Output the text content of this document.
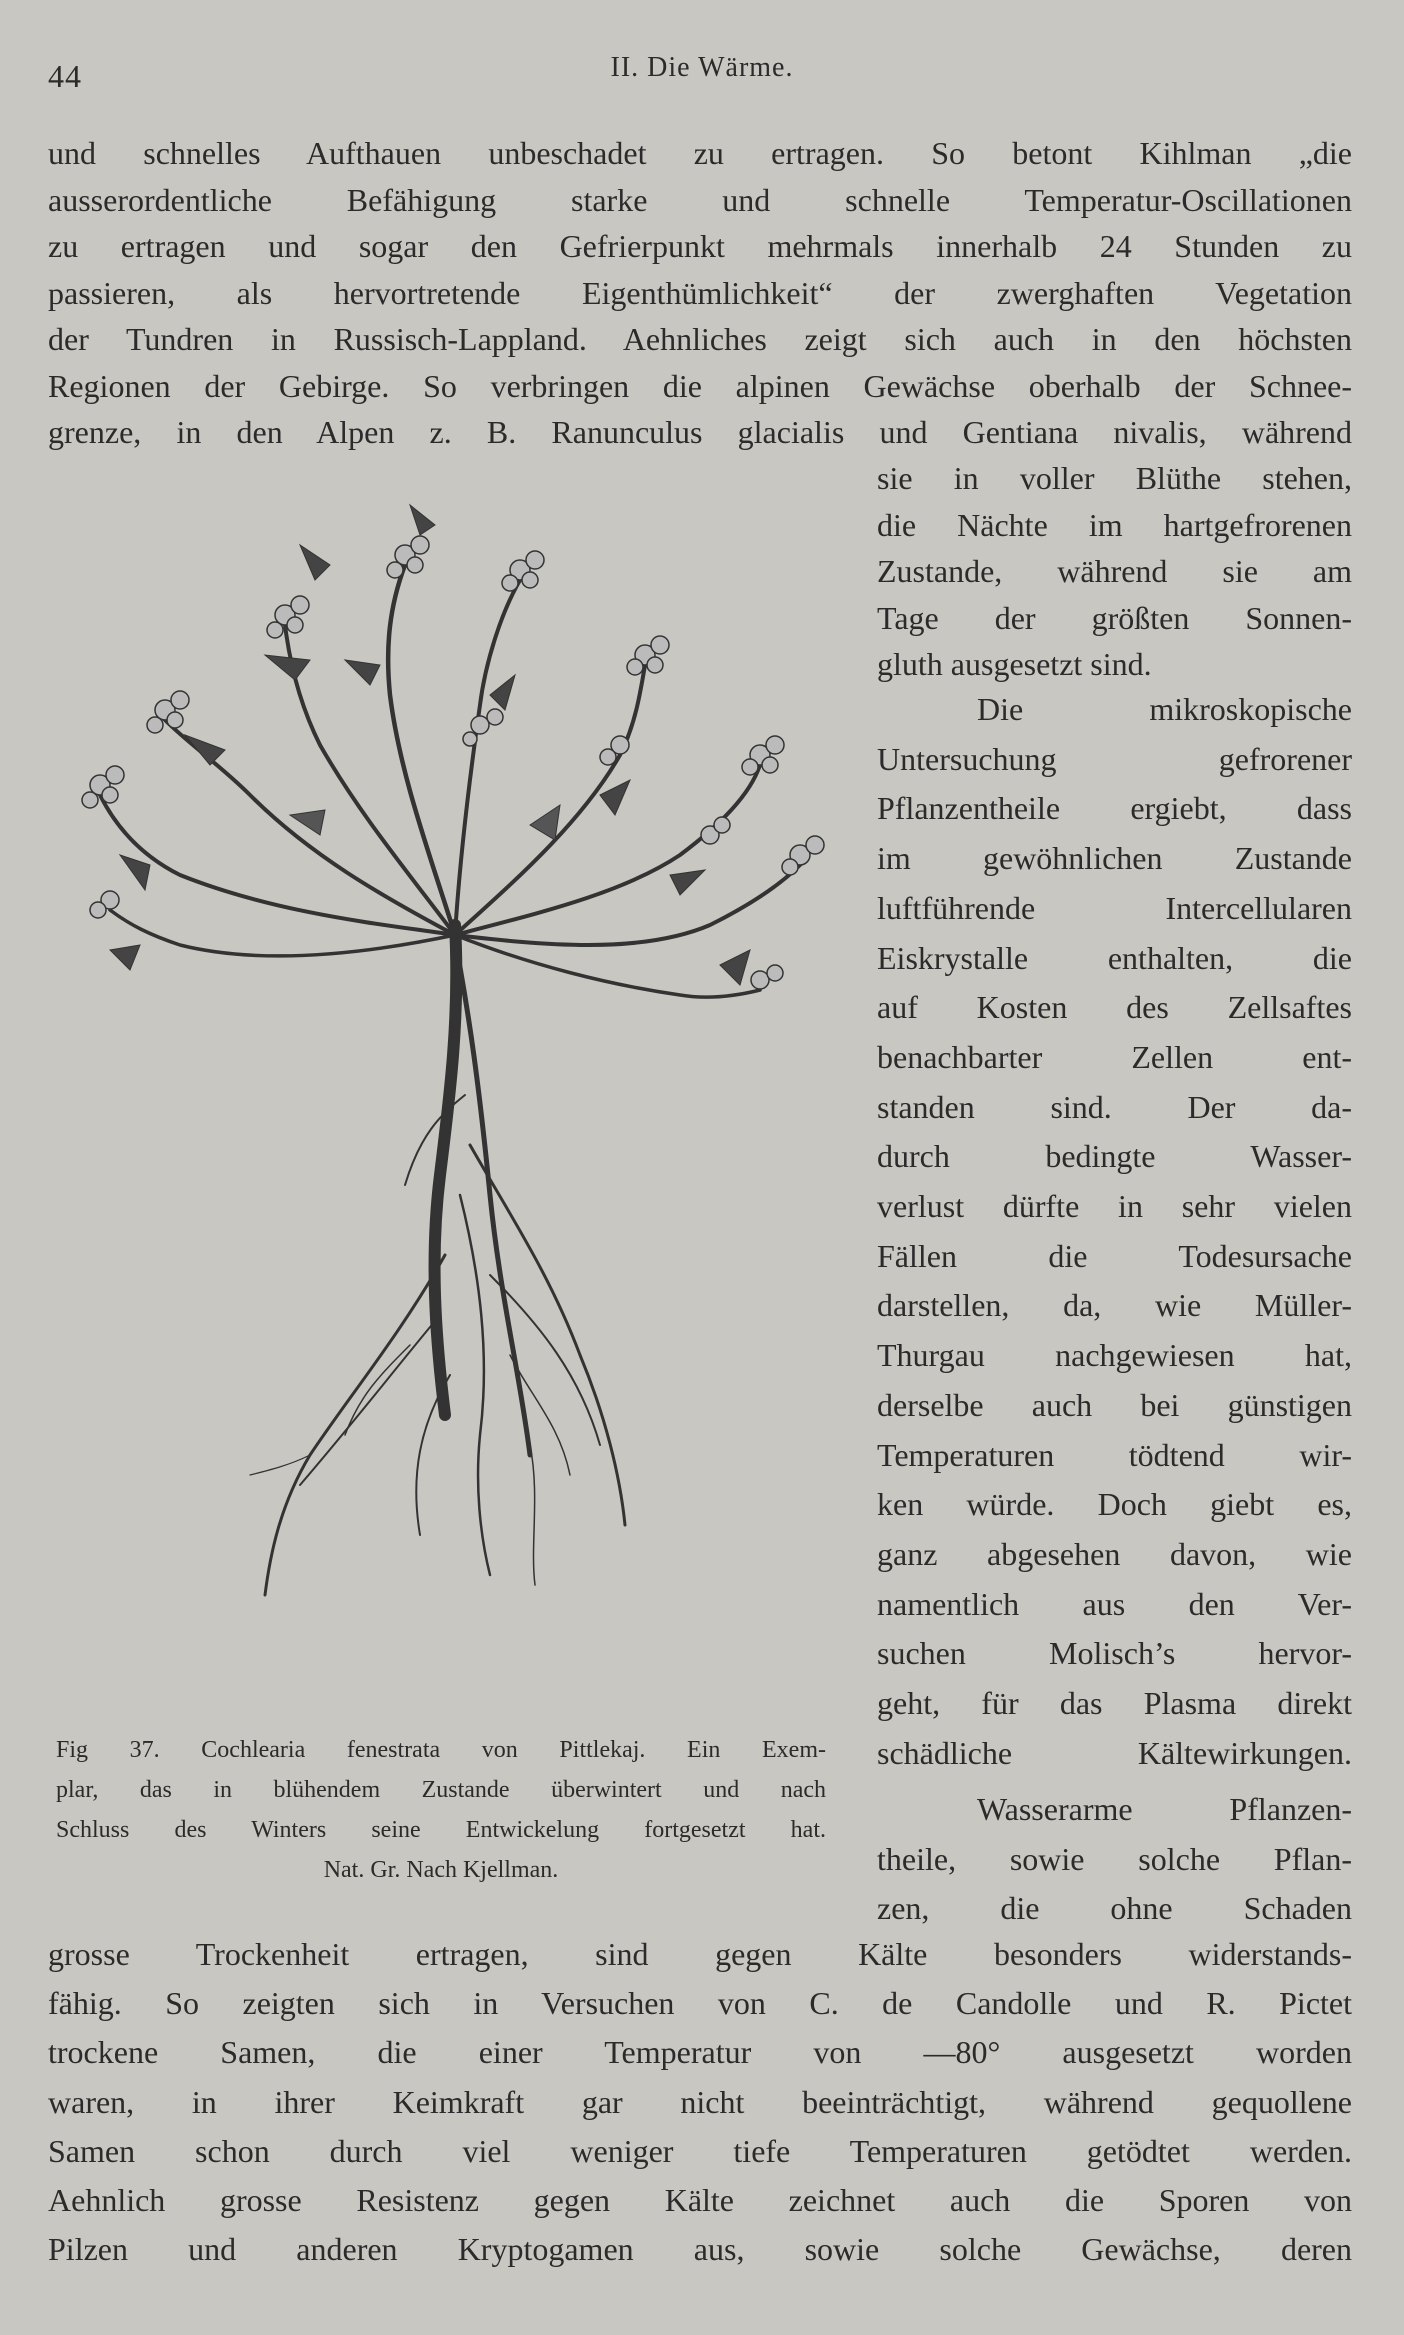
44	II. Die Wärme.
und schnelles Aufthauen unbeschadet zu ertragen. So betont Kihlman „die
ausserordentliche Befähigung starke und schnelle Temperatur-Oscillationen
zu ertragen und sogar den Gefrierpunkt mehrmals innerhalb 24 Stunden zu
passieren, als hervortretende Eigenthümlichkeit“ der zwerghaften Vegetation
der Tundren in Russisch-Lappland. Aehnliches zeigt sich auch in den höchsten
Regionen der Gebirge. So verbringen die alpinen Gewächse oberhalb der Schnee-
grenze, in den Alpen z. B. Ranunculus glacialis und Gentiana nivalis, während
sie in voller Blüthe stehen,
die Nächte im hartgefrorenen
Zustande, während sie am
Tage der größten Sonnen-
gluth ausgesetzt sind.
Die mikroskopische
Untersuchung gefrorener
Pflanzentheile ergiebt, dass
im gewöhnlichen Zustande
luftführende Intercellularen
Eiskrystalle enthalten, die
auf Kosten des Zellsaftes
benachbarter Zellen ent-
standen sind. Der da-
durch bedingte Wasser-
verlust dürfte in sehr vielen
Fällen die Todesursache
darstellen, da, wie Müller-
Thurgau nachgewiesen hat,
derselbe auch bei günstigen
Temperaturen tödtend wir-
ken würde. Doch giebt es,
ganz abgesehen davon, wie
namentlich aus den Ver-
suchen Molisch’s hervor-
geht, für das Plasma direkt
schädliche Kältewirkungen.
Wasserarme Pflanzen-
theile, sowie solche Pflan-
zen, die ohne Schaden
Fig 37. Cochlearia fenestrata von Pittlekaj. Ein Exem-
plar, das in blühendem Zustande überwintert und nach
Schluss des Winters seine Entwickelung fortgesetzt hat.
Nat. Gr. Nach Kjellman.
grosse Trockenheit ertragen, sind gegen Kälte besonders widerstands-
fähig. So zeigten sich in Versuchen von C. de Candolle und R. Pictet
trockene Samen, die einer Temperatur von —80° ausgesetzt worden
waren, in ihrer Keimkraft gar nicht beeinträchtigt, während gequollene
Samen schon durch viel weniger tiefe Temperaturen getödtet werden.
Aehnlich grosse Resistenz gegen Kälte zeichnet auch die Sporen von
Pilzen und anderen Kryptogamen aus, sowie solche Gewächse, deren
